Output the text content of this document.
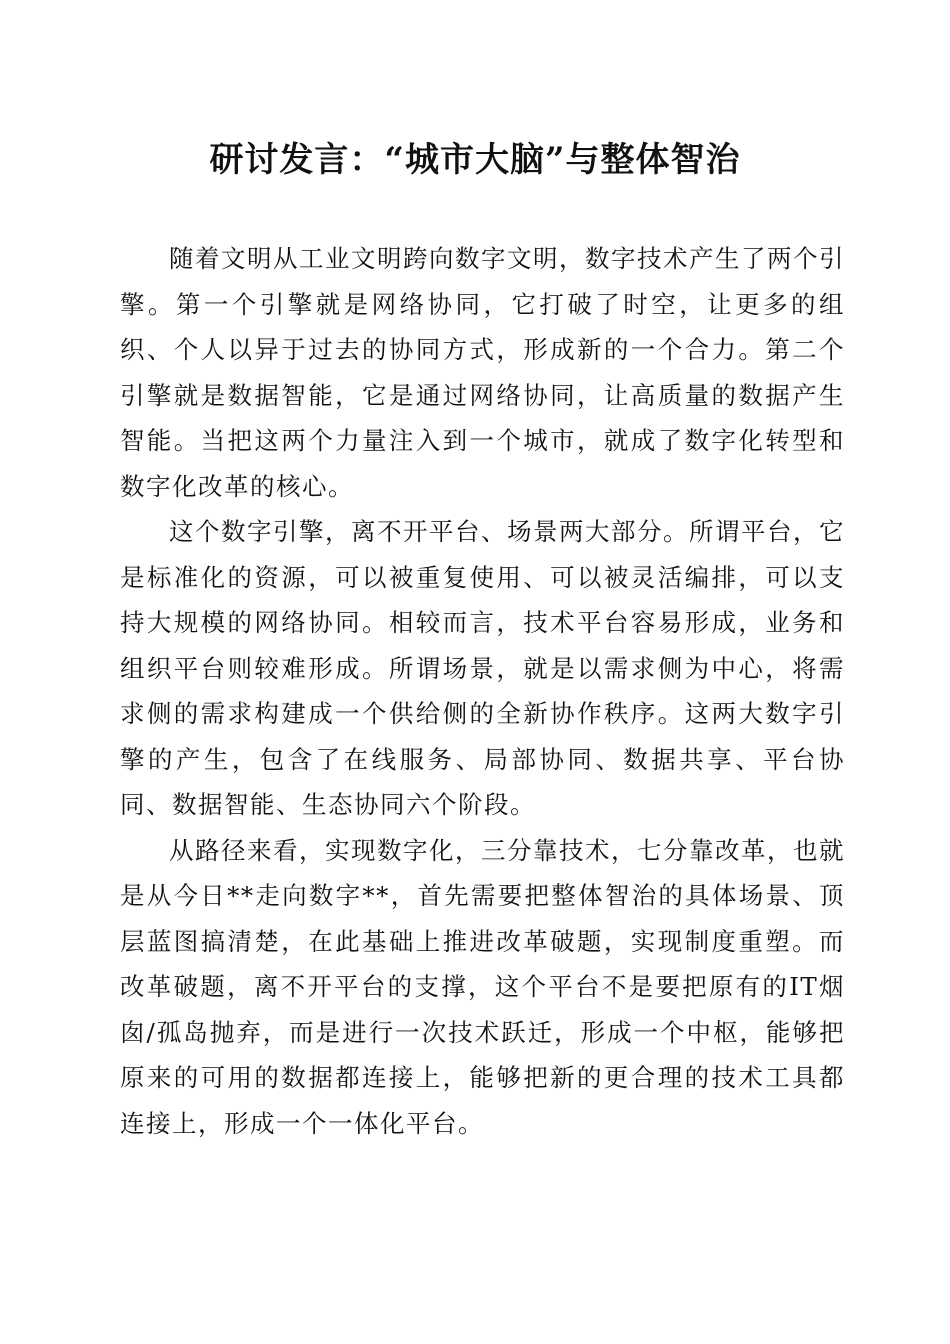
研讨发言：“城市大脑”与整体智治

随着文明从工业文明跨向数字文明，数字技术产生了两个引擎。第一个引擎就是网络协同，它打破了时空，让更多的组织、个人以异于过去的协同方式，形成新的一个合力。第二个引擎就是数据智能，它是通过网络协同，让高质量的数据产生智能。当把这两个力量注入到一个城市，就成了数字化转型和数字化改革的核心。

这个数字引擎，离不开平台、场景两大部分。所谓平台，它是标准化的资源，可以被重复使用、可以被灵活编排，可以支持大规模的网络协同。相较而言，技术平台容易形成，业务和组织平台则较难形成。所谓场景，就是以需求侧为中心，将需求侧的需求构建成一个供给侧的全新协作秩序。这两大数字引擎的产生，包含了在线服务、局部协同、数据共享、平台协同、数据智能、生态协同六个阶段。

从路径来看，实现数字化，三分靠技术，七分靠改革，也就是从今日**走向数字**，首先需要把整体智治的具体场景、顶层蓝图搞清楚，在此基础上推进改革破题，实现制度重塑。而改革破题，离不开平台的支撑，这个平台不是要把原有的IT烟囱/孤岛抛弃，而是进行一次技术跃迁，形成一个中枢，能够把原来的可用的数据都连接上，能够把新的更合理的技术工具都连接上，形成一个一体化平台。
